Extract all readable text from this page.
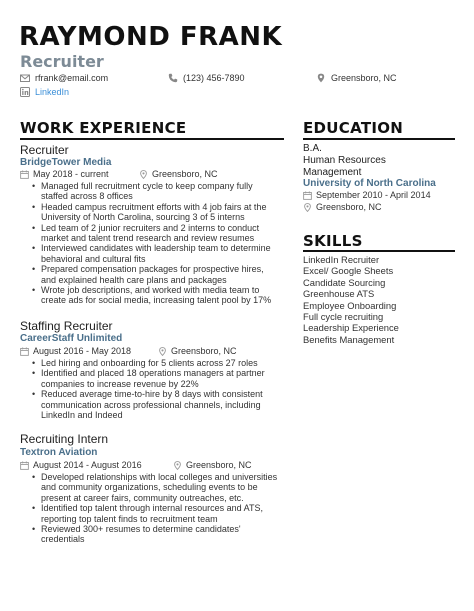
RAYMOND FRANK
Recruiter
rfrank@email.com	(123) 456-7890	Greensboro, NC
LinkedIn
WORK EXPERIENCE
Recruiter
BridgeTower Media
May 2018 - current	Greensboro, NC
• Managed full recruitment cycle to keep company fully staffed across 8 offices
• Headed campus recruitment efforts with 4 job fairs at the University of North Carolina, sourcing 3 of 5 interns
• Led team of 2 junior recruiters and 2 interns to conduct market and talent trend research and review resumes
• Interviewed candidates with leadership team to determine behavioral and cultural fits
• Prepared compensation packages for prospective hires, and explained health care plans and packages
• Wrote job descriptions, and worked with media team to create ads for social media, increasing talent pool by 17%
Staffing Recruiter
CareerStaff Unlimited
August 2016 - May 2018	Greensboro, NC
• Led hiring and onboarding for 5 clients across 27 roles
• Identified and placed 18 operations managers at partner companies to increase revenue by 22%
• Reduced average time-to-hire by 8 days with consistent communication across professional channels, including LinkedIn and Indeed
Recruiting Intern
Textron Aviation
August 2014 - August 2016	Greensboro, NC
• Developed relationships with local colleges and universities and community organizations, scheduling events to be present at career fairs, community outreaches, etc.
• Identified top talent through internal resources and ATS, reporting top talent finds to recruitment team
• Reviewed 300+ resumes to determine candidates' credentials
EDUCATION
B.A.
Human Resources Management
University of North Carolina
September 2010 - April 2014
Greensboro, NC
SKILLS
LinkedIn Recruiter
Excel/ Google Sheets
Candidate Sourcing
Greenhouse ATS
Employee Onboarding
Full cycle recruiting
Leadership Experience
Benefits Management
